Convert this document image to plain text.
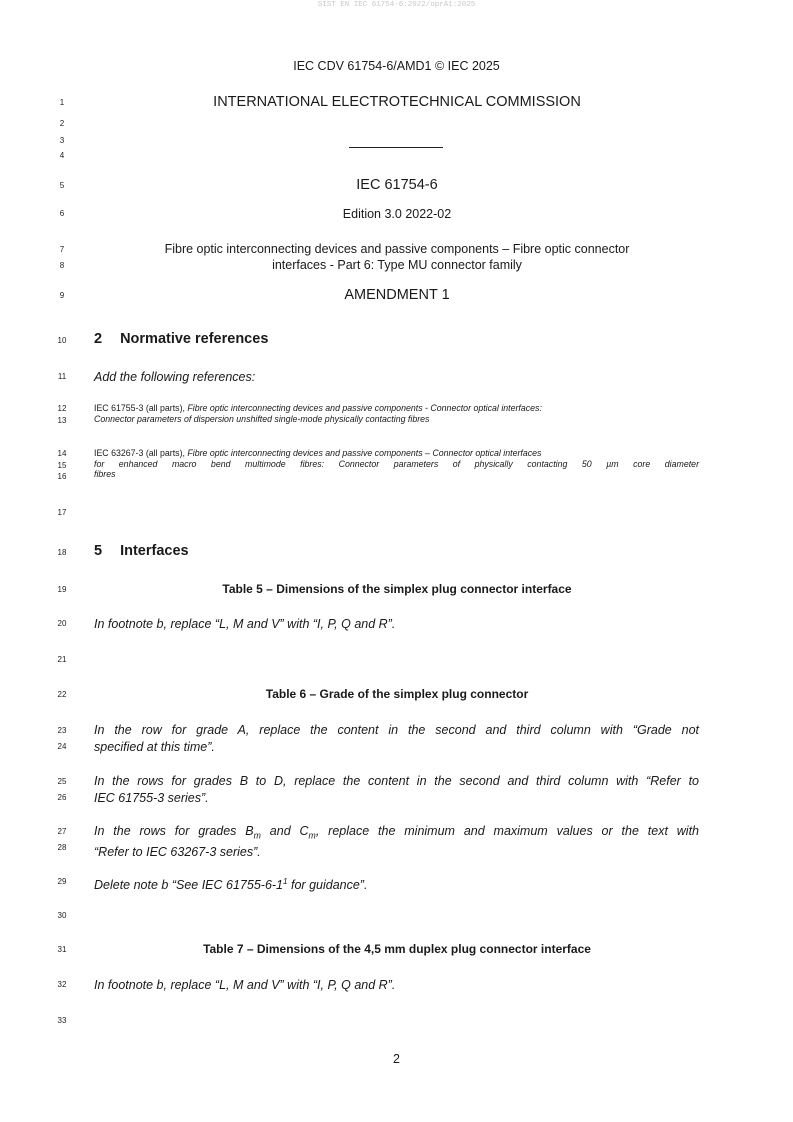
SIST EN IEC 61754-6:2022/oprA1:2025
IEC CDV 61754-6/AMD1 © IEC 2025
1
2
3
4
5
6
7
8
9
10
11
12
13
14
15
16
17
18
19
20
21
22
23
24
25
26
27
28
29
30
31
32
33
INTERNATIONAL ELECTROTECHNICAL COMMISSION
IEC 61754-6
Edition 3.0 2022-02
Fibre optic interconnecting devices and passive components – Fibre optic connector
interfaces - Part 6: Type MU connector family
AMENDMENT 1
2 Normative references
Add the following references:
IEC 61755-3 (all parts), Fibre optic interconnecting devices and passive components - Connector optical interfaces:
Connector parameters of dispersion unshifted single-mode physically contacting fibres
IEC 63267-3 (all parts), Fibre optic interconnecting devices and passive components – Connector optical interfaces
for enhanced macro bend multimode fibres: Connector parameters of physically contacting 50 µm core diameter
fibres
5 Interfaces
Table 5 – Dimensions of the simplex plug connector interface
In footnote b, replace “L, M and V” with “I, P, Q and R”.
Table 6 – Grade of the simplex plug connector
In the row for grade A, replace the content in the second and third column with “Grade not
specified at this time”.
In the rows for grades B to D, replace the content in the second and third column with “Refer to
IEC 61755-3 series”.
In the rows for grades $B_m$ and $C_m$, replace the minimum and maximum values or the text with
“Refer to IEC 63267-3 series”.
Delete note b “See IEC $61755-6-1^1$ for guidance”.
Table 7 – Dimensions of the 4,5 mm duplex plug connector interface
In footnote b, replace “L, M and V” with “I, P, Q and R”.
2
